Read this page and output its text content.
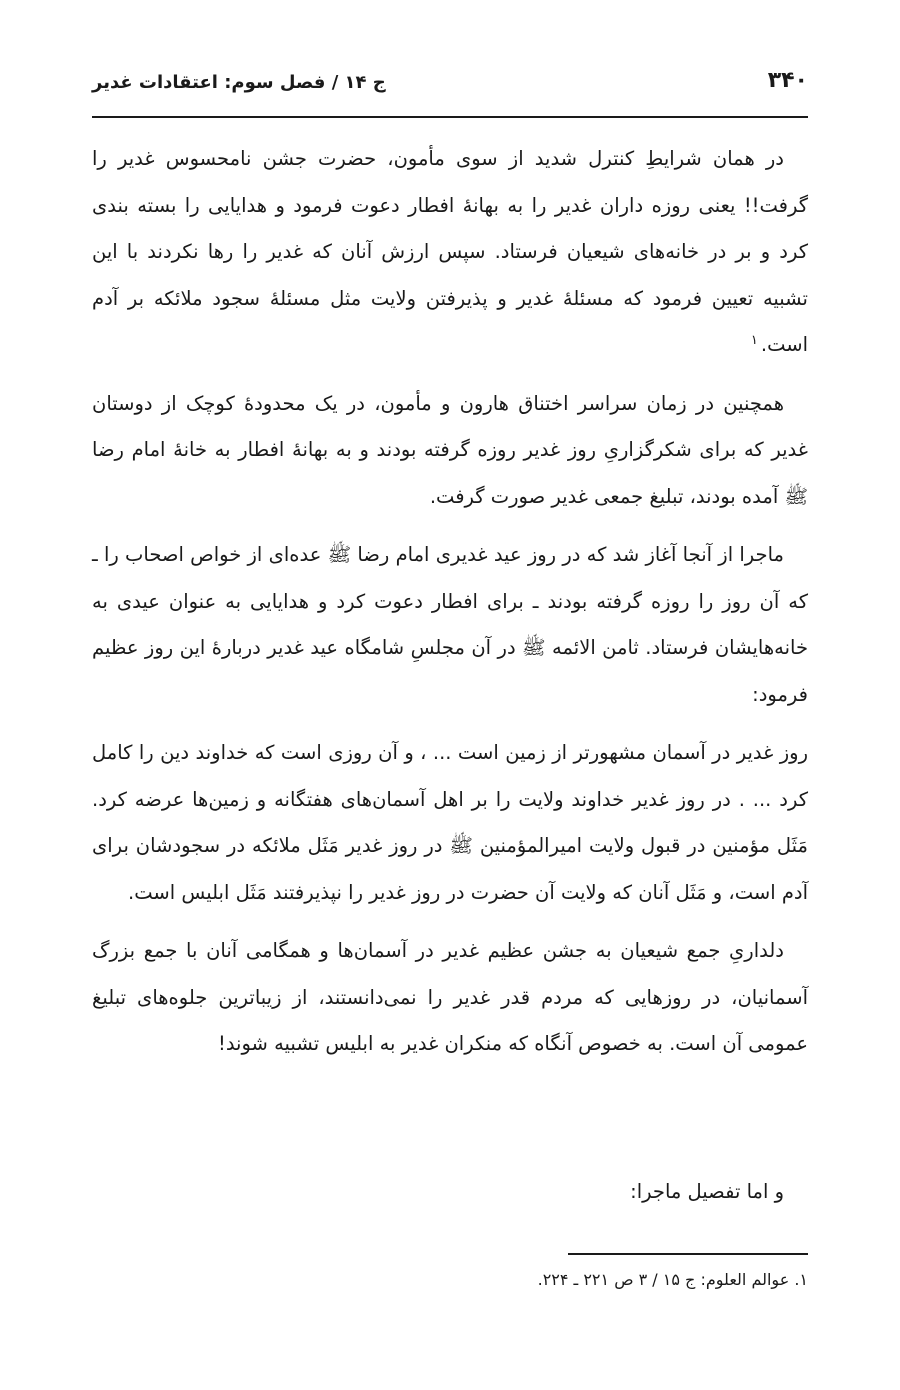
۳۴۰
ج ۱۴ / فصل سوم: اعتقادات غدیر

در همان شرایطِ کنترل شدید از سوی مأمون، حضرت جشن نامحسوس غدیر را گرفت!! یعنی روزه داران غدیر را به بهانهٔ افطار دعوت فرمود و هدایایی را بسته بندی کرد و بر در خانه‌های شیعیان فرستاد. سپس ارزش آنان که غدیر را رها نکردند با این تشبیه تعیین فرمود که مسئلهٔ غدیر و پذیرفتن ولایت مثل مسئلهٔ سجود ملائکه بر آدم است.$^۱$

همچنین در زمان سراسر اختناق هارون و مأمون، در یک محدودهٔ کوچک از دوستان غدیر که برای شکرگزاریِ روز غدیر روزه گرفته بودند و به بهانهٔ افطار به خانهٔ امام رضا ﷺ آمده بودند، تبلیغ جمعی غدیر صورت گرفت.

ماجرا از آنجا آغاز شد که در روز عید غدیری امام رضا ﷺ عده‌ای از خواص اصحاب را ـ که آن روز را روزه گرفته بودند ـ برای افطار دعوت کرد و هدایایی به عنوان عیدی به خانه‌هایشان فرستاد. ثامن الائمه ﷺ در آن مجلسِ شامگاه عید غدیر دربارهٔ این روز عظیم فرمود:

روز غدیر در آسمان مشهورتر از زمین است ... ، و آن روزی است که خداوند دین را کامل کرد ... . در روز غدیر خداوند ولایت را بر اهل آسمان‌های هفتگانه و زمین‌ها عرضه کرد. مَثَل مؤمنین در قبول ولایت امیرالمؤمنین ﷺ در روز غدیر مَثَل ملائکه در سجودشان برای آدم است، و مَثَل آنان که ولایت آن حضرت در روز غدیر را نپذیرفتند مَثَل ابلیس است.

دلداریِ جمع شیعیان به جشن عظیم غدیر در آسمان‌ها و همگامی آنان با جمع بزرگ آسمانیان، در روزهایی که مردم قدر غدیر را نمی‌دانستند، از زیباترین جلوه‌های تبلیغ عمومی آن است. به خصوص آنگاه که منکران غدیر به ابلیس تشبیه شوند!

و اما تفصیل ماجرا:
۱. عوالم العلوم: ج ۱۵ / ۳ ص ۲۲۱ ـ ۲۲۴.
